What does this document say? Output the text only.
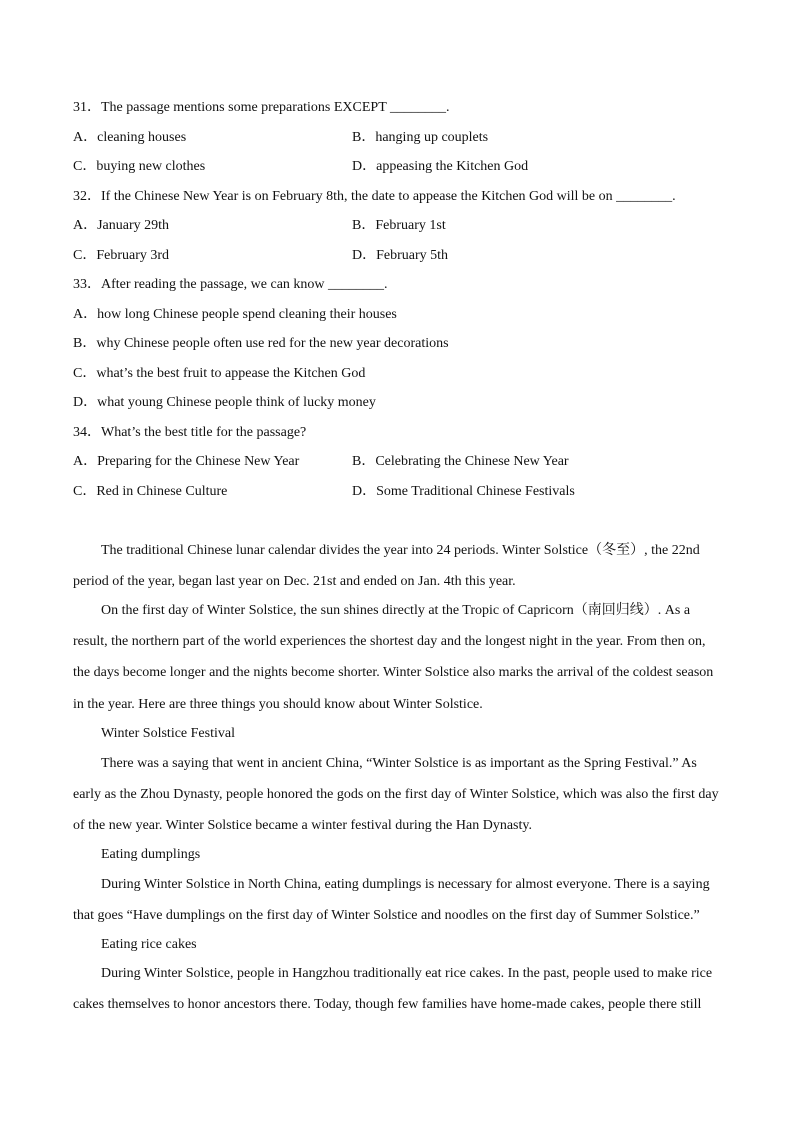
31．The passage mentions some preparations EXCEPT ________.
A．cleaning houses	B．hanging up couplets
C．buying new clothes	D．appeasing the Kitchen God
32．If the Chinese New Year is on February 8th, the date to appease the Kitchen God will be on ________.
A．January 29th	B．February 1st
C．February 3rd	D．February 5th
33．After reading the passage, we can know ________.
A．how long Chinese people spend cleaning their houses
B．why Chinese people often use red for the new year decorations
C．what’s the best fruit to appease the Kitchen God
D．what young Chinese people think of lucky money
34．What’s the best title for the passage?
A．Preparing for the Chinese New Year	B．Celebrating the Chinese New Year
C．Red in Chinese Culture	D．Some Traditional Chinese Festivals
The traditional Chinese lunar calendar divides the year into 24 periods. Winter Solstice（冬至）, the 22nd
period of the year, began last year on Dec. 21st and ended on Jan. 4th this year.
On the first day of Winter Solstice, the sun shines directly at the Tropic of Capricorn（南回归线）. As a
result, the northern part of the world experiences the shortest day and the longest night in the year. From then on,
the days become longer and the nights become shorter. Winter Solstice also marks the arrival of the coldest season
in the year. Here are three things you should know about Winter Solstice.
Winter Solstice Festival
There was a saying that went in ancient China, “Winter Solstice is as important as the Spring Festival.” As
early as the Zhou Dynasty, people honored the gods on the first day of Winter Solstice, which was also the first day
of the new year. Winter Solstice became a winter festival during the Han Dynasty.
Eating dumplings
During Winter Solstice in North China, eating dumplings is necessary for almost everyone. There is a saying
that goes “Have dumplings on the first day of Winter Solstice and noodles on the first day of Summer Solstice.”
Eating rice cakes
During Winter Solstice, people in Hangzhou traditionally eat rice cakes. In the past, people used to make rice
cakes themselves to honor ancestors there. Today, though few families have home-made cakes, people there still
